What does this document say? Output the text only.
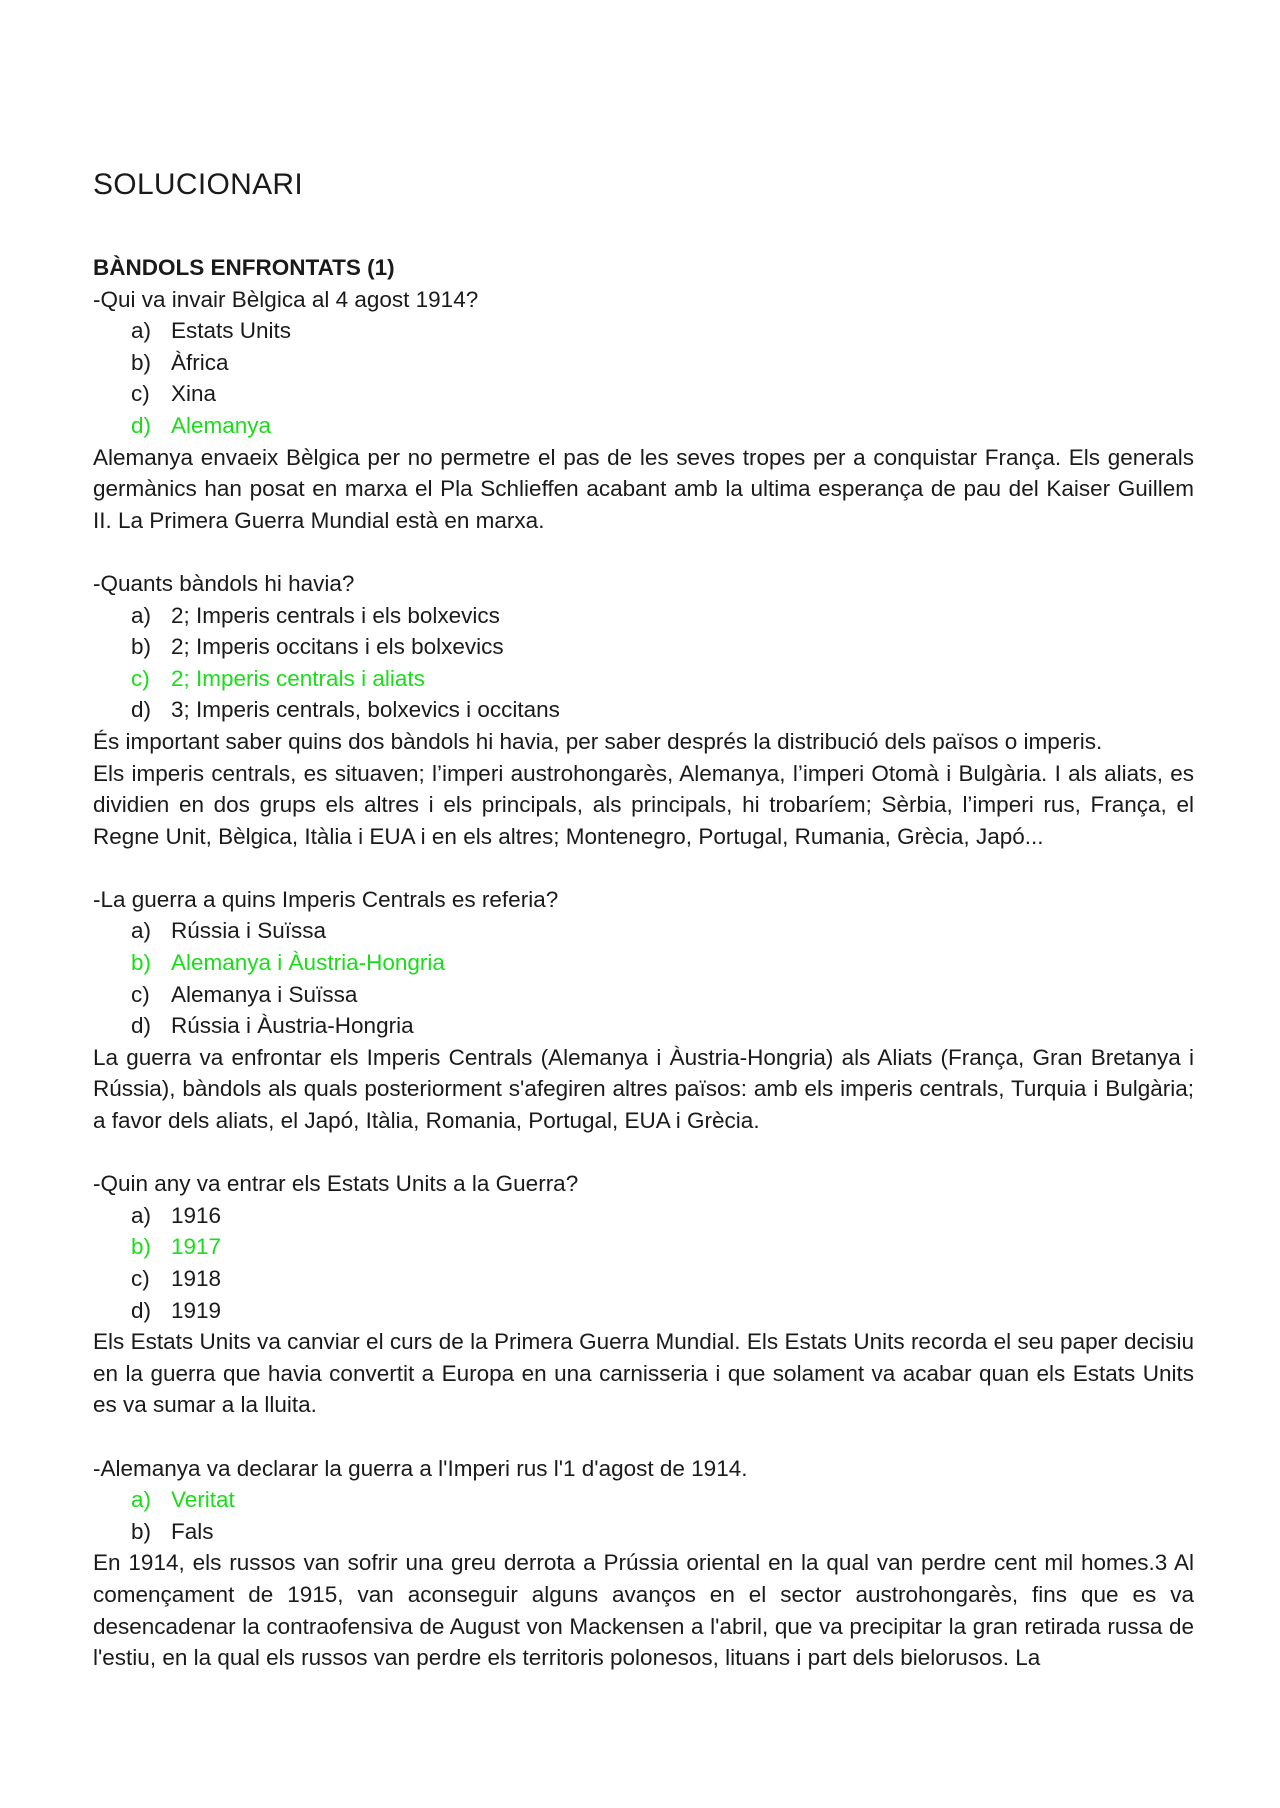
SOLUCIONARI

BÀNDOLS ENFRONTATS (1)

-Qui va invair Bèlgica al 4 agost 1914?

a) Estats Units
b) Àfrica
c) Xina
d) Alemanya

Alemanya envaeix Bèlgica per no permetre el pas de les seves tropes per a conquistar França. Els generals germànics han posat en marxa el Pla Schlieffen acabant amb la ultima esperança de pau del Kaiser Guillem II. La Primera Guerra Mundial està en marxa.

-Quants bàndols hi havia?

a) 2; Imperis centrals i els bolxevics
b) 2; Imperis occitans i els bolxevics
c) 2; Imperis centrals i aliats
d) 3; Imperis centrals, bolxevics i occitans

És important saber quins dos bàndols hi havia, per saber després la distribució dels països o imperis.

Els imperis centrals, es situaven; l’imperi austrohongarès, Alemanya, l’imperi Otomà i Bulgària. I als aliats, es dividien en dos grups els altres i els principals, als principals, hi trobaríem; Sèrbia, l’imperi rus, França, el Regne Unit, Bèlgica, Itàlia i EUA i en els altres; Montenegro, Portugal, Rumania, Grècia, Japó...

-La guerra a quins Imperis Centrals es referia?

a) Rússia i Suïssa
b) Alemanya i Àustria-Hongria
c) Alemanya i Suïssa
d) Rússia i Àustria-Hongria

La guerra va enfrontar els Imperis Centrals (Alemanya i Àustria-Hongria) als Aliats (França, Gran Bretanya i Rússia), bàndols als quals posteriorment s'afegiren altres països: amb els imperis centrals, Turquia i Bulgària; a favor dels aliats, el Japó, Itàlia, Romania, Portugal, EUA i Grècia.

-Quin any va entrar els Estats Units a la Guerra?

a) 1916
b) 1917
c) 1918
d) 1919

Els Estats Units va canviar el curs de la Primera Guerra Mundial. Els Estats Units recorda el seu paper decisiu en la guerra que havia convertit a Europa en una carnisseria i que solament va acabar quan els Estats Units es va sumar a la lluita.

-Alemanya va declarar la guerra a l'Imperi rus l'1 d'agost de 1914.

a) Veritat
b) Fals

En 1914, els russos van sofrir una greu derrota a Prússia oriental en la qual van perdre cent mil homes.3 Al començament de 1915, van aconseguir alguns avanços en el sector austrohongarès, fins que es va desencadenar la contraofensiva de August von Mackensen a l'abril, que va precipitar la gran retirada russa de l'estiu, en la qual els russos van perdre els territoris polonesos, lituans i part dels bielorusos. La
